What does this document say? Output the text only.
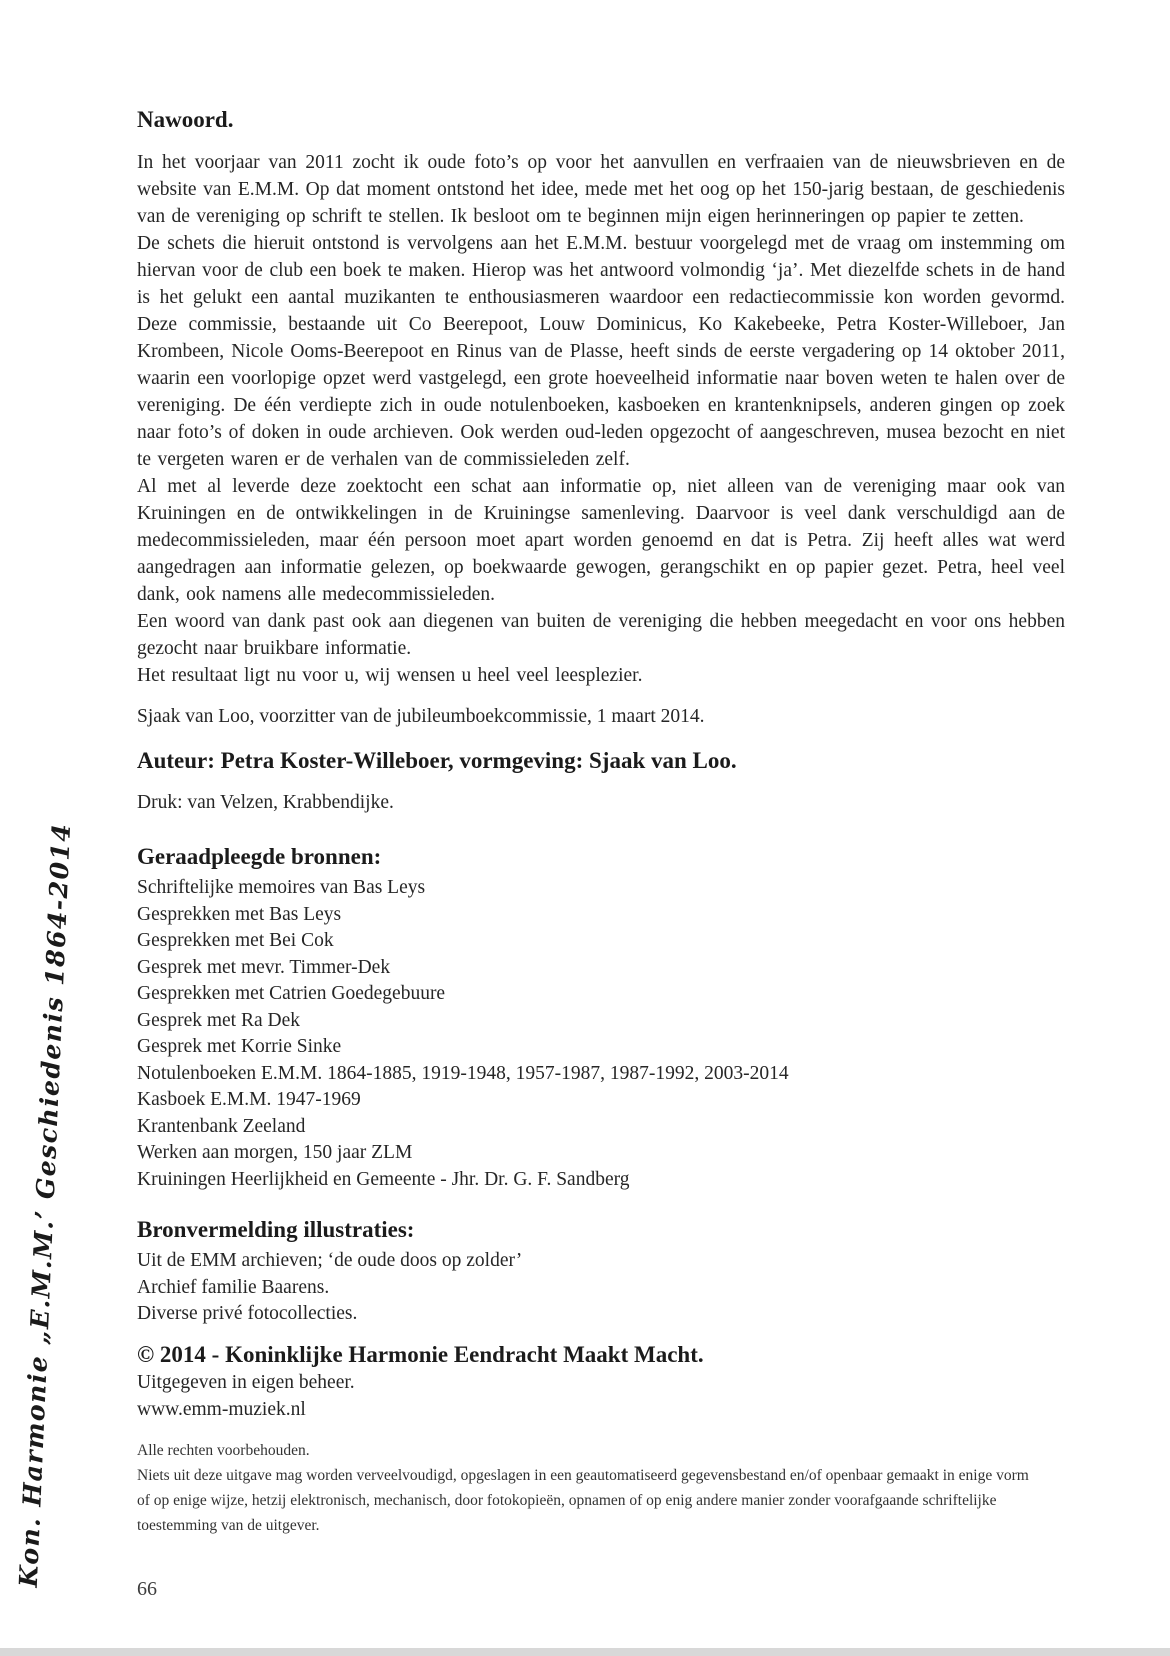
Kon. Harmonie „E.M.M.’ Geschiedenis 1864-2014
Nawoord.

In het voorjaar van 2011 zocht ik oude foto’s op voor het aanvullen en verfraaien van de nieuwsbrieven en de website van E.M.M. Op dat moment ontstond het idee, mede met het oog op het 150-jarig bestaan, de geschiedenis van de vereniging op schrift te stellen. Ik besloot om te beginnen mijn eigen herinneringen op papier te zetten.

De schets die hieruit ontstond is vervolgens aan het E.M.M. bestuur voorgelegd met de vraag om instemming om hiervan voor de club een boek te maken. Hierop was het antwoord volmondig ‘ja’. Met diezelfde schets in de hand is het gelukt een aantal muzikanten te enthousiasmeren waardoor een redactiecommissie kon worden gevormd. Deze commissie, bestaande uit Co Beerepoot, Louw Dominicus, Ko Kakebeeke, Petra Koster-Willeboer, Jan Krombeen, Nicole Ooms-Beerepoot en Rinus van de Plasse, heeft sinds de eerste vergadering op 14 oktober 2011, waarin een voorlopige opzet werd vastgelegd, een grote hoeveelheid informatie naar boven weten te halen over de vereniging. De één verdiepte zich in oude notulenboeken, kasboeken en krantenknipsels, anderen gingen op zoek naar foto’s of doken in oude archieven. Ook werden oud-leden opgezocht of aangeschreven, musea bezocht en niet te vergeten waren er de verhalen van de commissieleden zelf.

Al met al leverde deze zoektocht een schat aan informatie op, niet alleen van de vereniging maar ook van Kruiningen en de ontwikkelingen in de Kruiningse samenleving. Daarvoor is veel dank verschuldigd aan de medecommissieleden, maar één persoon moet apart worden genoemd en dat is Petra. Zij heeft alles wat werd aangedragen aan informatie gelezen, op boekwaarde gewogen, gerangschikt en op papier gezet. Petra, heel veel dank, ook namens alle medecommissieleden.

Een woord van dank past ook aan diegenen van buiten de vereniging die hebben meegedacht en voor ons hebben gezocht naar bruikbare informatie.

Het resultaat ligt nu voor u, wij wensen u heel veel leesplezier.

Sjaak van Loo, voorzitter van de jubileumboekcommissie, 1 maart 2014.
Auteur: Petra Koster-Willeboer, vormgeving: Sjaak van Loo.
Druk: van Velzen, Krabbendijke.
Geraadpleegde bronnen:
Schriftelijke memoires van Bas Leys
Gesprekken met Bas Leys
Gesprekken met Bei Cok
Gesprek met mevr. Timmer-Dek
Gesprekken met Catrien Goedegebuure
Gesprek met Ra Dek
Gesprek met Korrie Sinke
Notulenboeken E.M.M. 1864-1885, 1919-1948, 1957-1987, 1987-1992, 2003-2014
Kasboek E.M.M. 1947-1969
Krantenbank Zeeland
Werken aan morgen, 150 jaar ZLM
Kruiningen Heerlijkheid en Gemeente - Jhr. Dr. G. F. Sandberg
Bronvermelding illustraties:
Uit de EMM archieven; ‘de oude doos op zolder’
Archief familie Baarens.
Diverse privé fotocollecties.
© 2014 - Koninklijke Harmonie Eendracht Maakt Macht.
Uitgegeven in eigen beheer.
www.emm-muziek.nl
Alle rechten voorbehouden.

Niets uit deze uitgave mag worden verveelvoudigd, opgeslagen in een geautomatiseerd gegevensbestand en/of openbaar gemaakt in enige vorm of op enige wijze, hetzij elektronisch, mechanisch, door fotokopieën, opnamen of op enig andere manier zonder voorafgaande schriftelijke toestemming van de uitgever.

66
